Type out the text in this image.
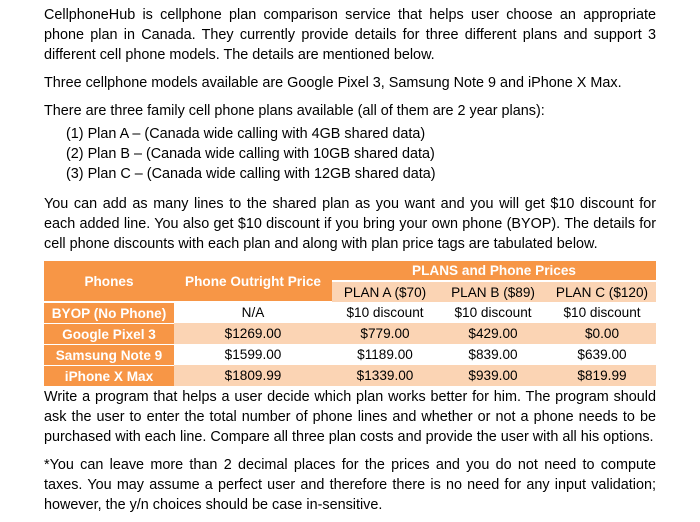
CellphoneHub is cellphone plan comparison service that helps user choose an appropriate phone plan in Canada. They currently provide details for three different plans and support 3 different cell phone models. The details are mentioned below.

Three cellphone models available are Google Pixel 3, Samsung Note 9 and iPhone X Max.

There are three family cell phone plans available (all of them are 2 year plans):

(1) Plan A – (Canada wide calling with 4GB shared data)
(2) Plan B – (Canada wide calling with 10GB shared data)
(3) Plan C – (Canada wide calling with 12GB shared data)

You can add as many lines to the shared plan as you want and you will get $10 discount for each added line. You also get $10 discount if you bring your own phone (BYOP). The details for cell phone discounts with each plan and along with plan price tags are tabulated below.

Phones	Phone Outright Price	PLANS and Phone Prices		
		PLAN A ($70)	PLAN B ($89)	PLAN C ($120)
BYOP (No Phone)	N/A	$10 discount	$10 discount	$10 discount
Google Pixel 3	$1269.00	$779.00	$429.00	$0.00
Samsung Note 9	$1599.00	$1189.00	$839.00	$639.00
iPhone X Max	$1809.99	$1339.00	$939.00	$819.99

Write a program that helps a user decide which plan works better for him. The program should ask the user to enter the total number of phone lines and whether or not a phone needs to be purchased with each line. Compare all three plan costs and provide the user with all his options.

*You can leave more than 2 decimal places for the prices and you do not need to compute taxes. You may assume a perfect user and therefore there is no need for any input validation; however, the y/n choices should be case in-sensitive.
